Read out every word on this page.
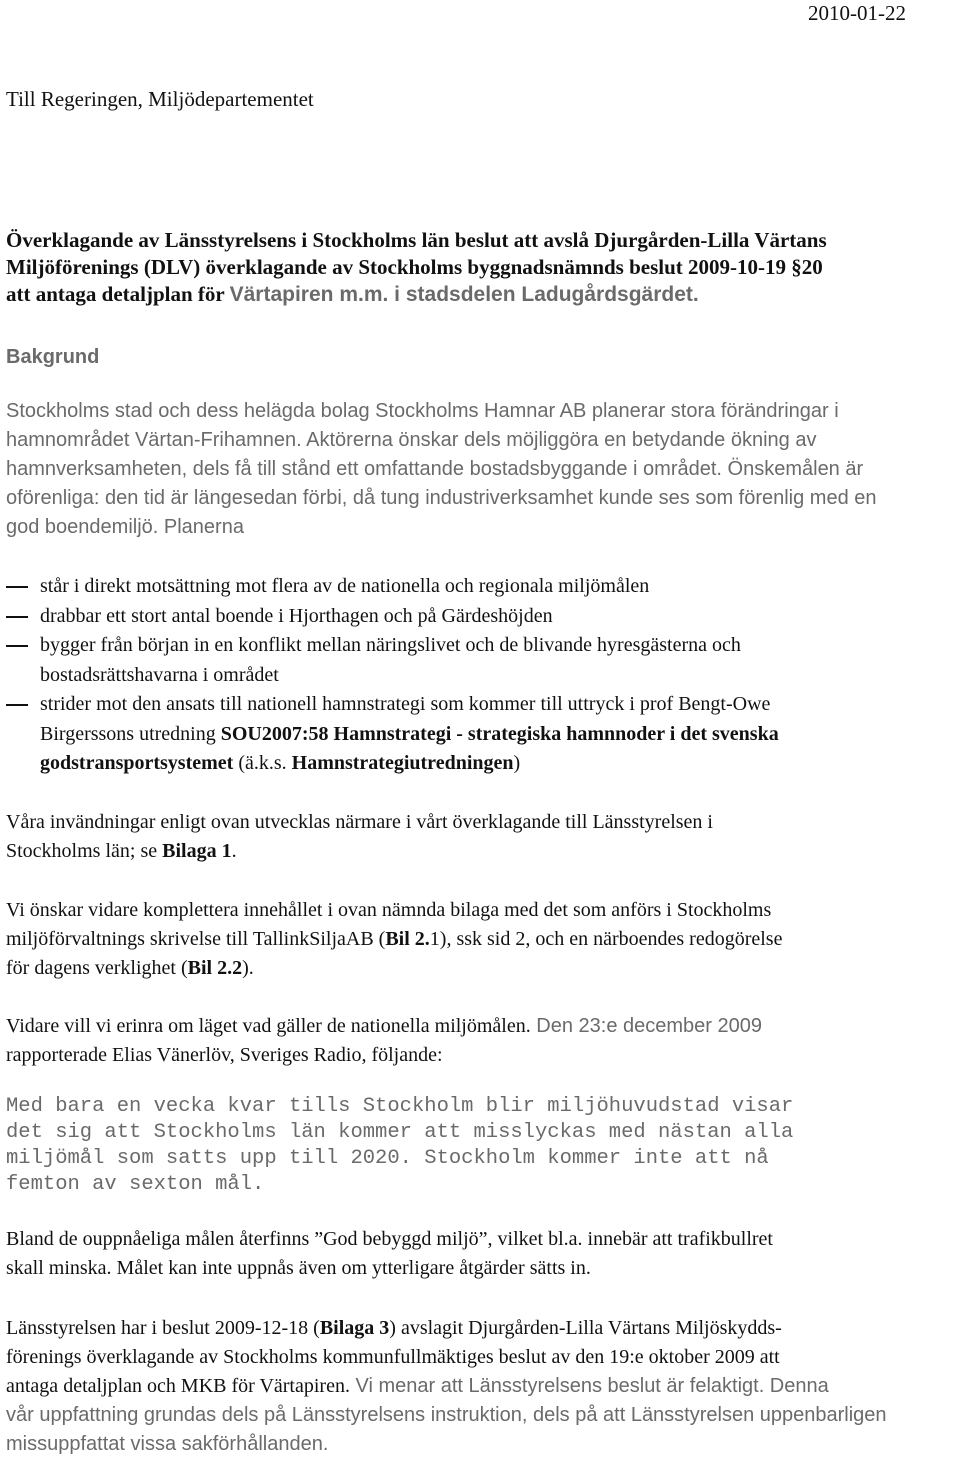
2010-01-22
Till Regeringen, Miljödepartementet
Överklagande av Länsstyrelsens i Stockholms län beslut att avslå Djurgården-Lilla Värtans
Miljöförenings (DLV) överklagande av Stockholms byggnadsnämnds beslut 2009-10-19 §20
att antaga detaljplan för Värtapiren m.m. i stadsdelen Ladugårdsgärdet.
Bakgrund
Stockholms stad och dess helägda bolag Stockholms Hamnar AB planerar stora förändringar i
hamnområdet Värtan-Frihamnen. Aktörerna önskar dels möjliggöra en betydande ökning av
hamnverksamheten, dels få till stånd ett omfattande bostadsbyggande i området. Önskemålen är
oförenliga: den tid är längesedan förbi, då tung industriverksamhet kunde ses som förenlig med en
god boendemiljö. Planerna
står i direkt motsättning mot flera av de nationella och regionala miljömålen
drabbar ett stort antal boende i Hjorthagen och på Gärdeshöjden
bygger från början in en konflikt mellan näringslivet och de blivande hyresgästerna och
bostadsrättshavarna i området
strider mot den ansats till nationell hamnstrategi som kommer till uttryck i prof Bengt-Owe
Birgerssons utredning SOU2007:58 Hamnstrategi - strategiska hamnnoder i det svenska
godstransportsystemet (ä.k.s. Hamnstrategiutredningen)
Våra invändningar enligt ovan utvecklas närmare i vårt överklagande till Länsstyrelsen i
Stockholms län; se Bilaga 1.
Vi önskar vidare komplettera innehållet i ovan nämnda bilaga med det som anförs i Stockholms
miljöförvaltnings skrivelse till TallinkSiljaAB (Bil 2.1), ssk sid 2, och en närboendes redogörelse
för dagens verklighet (Bil 2.2).
Vidare vill vi erinra om läget vad gäller de nationella miljömålen. Den 23:e december 2009
rapporterade Elias Vänerlöv, Sveriges Radio, följande:
Med bara en vecka kvar tills Stockholm blir miljöhuvudstad visar
det sig att Stockholms län kommer att misslyckas med nästan alla
miljömål som satts upp till 2020. Stockholm kommer inte att nå
femton av sexton mål.
Bland de ouppnåeliga målen återfinns ”God bebyggd miljö”, vilket bl.a. innebär att trafikbullret
skall minska. Målet kan inte uppnås även om ytterligare åtgärder sätts in.
Länsstyrelsen har i beslut 2009-12-18 (Bilaga 3) avslagit Djurgården-Lilla Värtans Miljöskydds-
förenings överklagande av Stockholms kommunfullmäktiges beslut av den 19:e oktober 2009 att
antaga detaljplan och MKB för Värtapiren. Vi menar att Länsstyrelsens beslut är felaktigt. Denna
vår uppfattning grundas dels på Länsstyrelsens instruktion, dels på att Länsstyrelsen uppenbarligen
missuppfattat vissa sakförhållanden.
